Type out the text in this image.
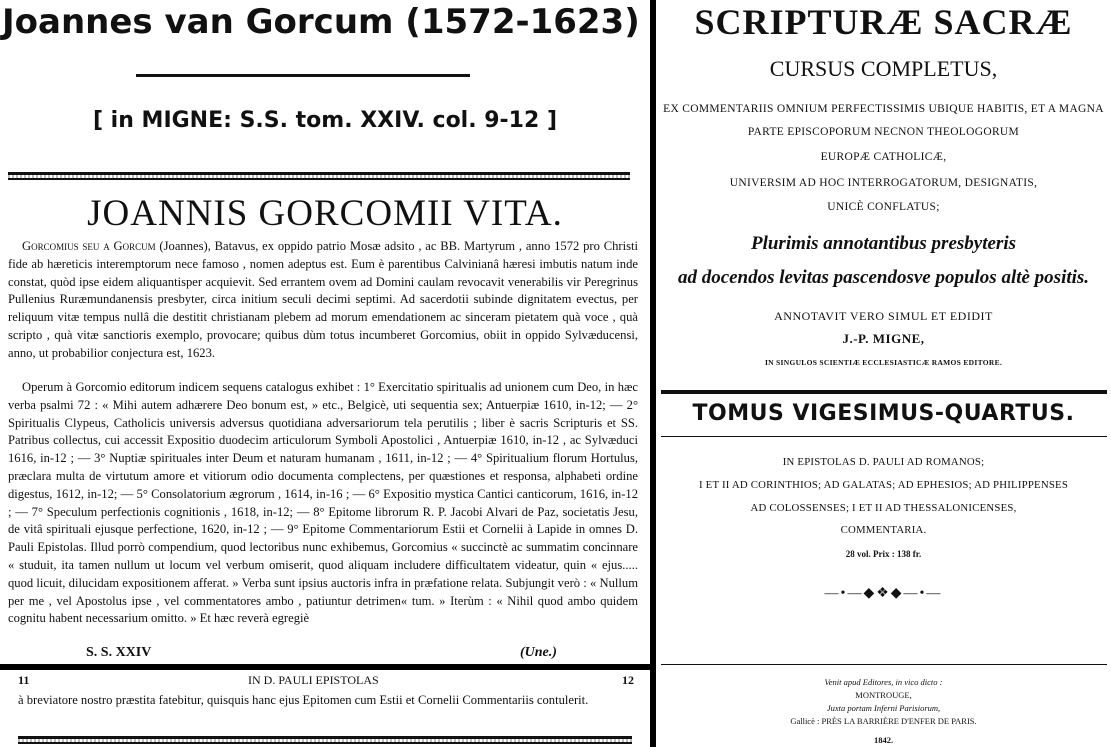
Joannes van Gorcum (1572-1623)
[ in MIGNE: S.S. tom. XXIV. col. 9-12 ]
JOANNIS GORCOMII VITA.

Gorcomius seu a Gorcum (Joannes), Batavus, ex oppido patrio Mosæ adsito , ac BB. Martyrum , anno 1572 pro Christi fide ab hæreticis interemptorum nece famoso , nomen adeptus est. Eum è parentibus Calvinianâ hæresi imbutis natum inde constat, quòd ipse eidem aliquantisper acquievit. Sed errantem ovem ad Domini caulam revocavit venerabilis vir Peregrinus Pullenius Ruræmundanensis presbyter, circa initium seculi decimi septimi. Ad sacerdotii subinde dignitatem evectus, per reliquum vitæ tempus nullâ die destitit christianam plebem ad morum emendationem ac sinceram pietatem quà voce , quà scripto , quà vitæ sanctioris exemplo, provocare; quibus dùm totus incumberet Gorcomius, obiit in oppido Sylvæducensi, anno, ut probabilior conjectura est, 1623.

Operum à Gorcomio editorum indicem sequens catalogus exhibet : 1° Exercitatio spiritualis ad unionem cum Deo, in hæc verba psalmi 72 : « Mihi autem adhærere Deo bonum est, » etc., Belgicè, uti sequentia sex; Antuerpiæ 1610, in-12; — 2° Spiritualis Clypeus, Catholicis universis adversus quotidiana adversariorum tela perutilis ; liber è sacris Scripturis et SS. Patribus collectus, cui accessit Expositio duodecim articulorum Symboli Apostolici , Antuerpiæ 1610, in-12 , ac Sylvæduci 1616, in-12 ; — 3° Nuptiæ spirituales inter Deum et naturam humanam , 1611, in-12 ; — 4° Spiritualium florum Hortulus, præclara multa de virtutum amore et vitiorum odio documenta complectens, per quæstiones et responsa, alphabeti ordine digestus, 1612, in-12; — 5° Consolatorium ægrorum , 1614, in-16 ; — 6° Expositio mystica Cantici canticorum, 1616, in-12 ; — 7° Speculum perfectionis cognitionis , 1618, in-12; — 8° Epitome librorum R. P. Jacobi Alvari de Paz, societatis Jesu, de vitâ spirituali ejusque perfectione, 1620, in-12 ; — 9° Epitome Commentariorum Estii et Cornelii à Lapide in omnes D. Pauli Epistolas. Illud porrò compendium, quod lectoribus nunc exhibemus, Gorcomius « succinctè ac summatim concinnare « studuit, ita tamen nullum ut locum vel verbum omiserit, quod aliquam includere difficultatem videatur, quin « ejus..... quod licuit, dilucidam expositionem afferat. » Verba sunt ipsius auctoris infra in præfatione relata. Subjungit verò : « Nullum per me , vel Apostolus ipse , vel commentatores ambo , patiuntur detrimen« tum. » Iterùm : « Nihil quod ambo quidem cognitu habent necessarium omitto. » Et hæc reverà egregiè

S. S. XXIV	(Une.)
11	IN D. PAULI EPISTOLAS	12
à breviatore nostro præstita fatebitur, quisquis hanc ejus Epitomen cum Estii et Cornelii Commentariis contulerit.
SCRIPTURÆ SACRÆ
CURSUS COMPLETUS,
EX COMMENTARIIS OMNIUM PERFECTISSIMIS UBIQUE HABITIS, ET A MAGNA
PARTE EPISCOPORUM NECNON THEOLOGORUM
EUROPÆ CATHOLICÆ,
UNIVERSIM AD HOC INTERROGATORUM, DESIGNATIS,
UNICÈ CONFLATUS;
Plurimis annotantibus presbyteris
ad docendos levitas pascendosve populos altè positis.
ANNOTAVIT VERO SIMUL ET EDIDIT
J.-P. MIGNE,
IN SINGULOS SCIENTIÆ ECCLESIASTICÆ RAMOS EDITORE.
TOMUS VIGESIMUS-QUARTUS.
IN EPISTOLAS D. PAULI AD ROMANOS;
I ET II AD CORINTHIOS; AD GALATAS; AD EPHESIOS; AD PHILIPPENSES
AD COLOSSENSES; I ET II AD THESSALONICENSES,
COMMENTARIA.
28 vol. Prix : 138 fr.
—•—◆❖◆—•—
Venit apud Editores, in vico dicto :
MONTROUGE,
Juxta portam Inferni Parisiorum,
Gallicè : PRÈS LA BARRIÈRE D'ENFER DE PARIS.
1842.
